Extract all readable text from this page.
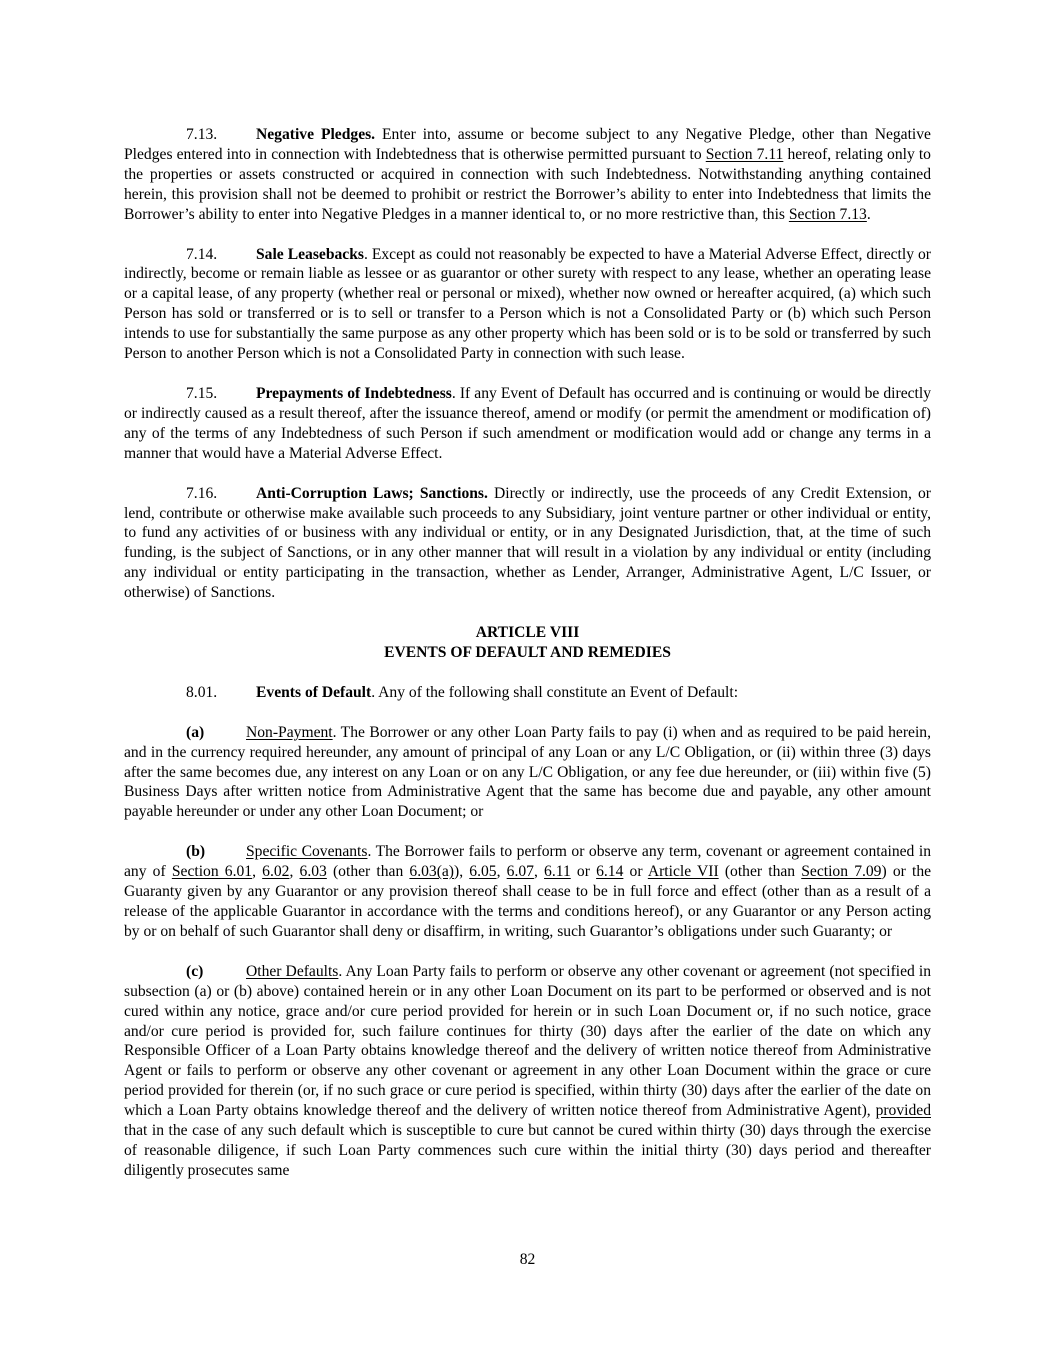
7.13. Negative Pledges. Enter into, assume or become subject to any Negative Pledge, other than Negative Pledges entered into in connection with Indebtedness that is otherwise permitted pursuant to Section 7.11 hereof, relating only to the properties or assets constructed or acquired in connection with such Indebtedness. Notwithstanding anything contained herein, this provision shall not be deemed to prohibit or restrict the Borrower’s ability to enter into Indebtedness that limits the Borrower’s ability to enter into Negative Pledges in a manner identical to, or no more restrictive than, this Section 7.13.

7.14. Sale Leasebacks. Except as could not reasonably be expected to have a Material Adverse Effect, directly or indirectly, become or remain liable as lessee or as guarantor or other surety with respect to any lease, whether an operating lease or a capital lease, of any property (whether real or personal or mixed), whether now owned or hereafter acquired, (a) which such Person has sold or transferred or is to sell or transfer to a Person which is not a Consolidated Party or (b) which such Person intends to use for substantially the same purpose as any other property which has been sold or is to be sold or transferred by such Person to another Person which is not a Consolidated Party in connection with such lease.

7.15. Prepayments of Indebtedness. If any Event of Default has occurred and is continuing or would be directly or indirectly caused as a result thereof, after the issuance thereof, amend or modify (or permit the amendment or modification of) any of the terms of any Indebtedness of such Person if such amendment or modification would add or change any terms in a manner that would have a Material Adverse Effect.

7.16. Anti-Corruption Laws; Sanctions. Directly or indirectly, use the proceeds of any Credit Extension, or lend, contribute or otherwise make available such proceeds to any Subsidiary, joint venture partner or other individual or entity, to fund any activities of or business with any individual or entity, or in any Designated Jurisdiction, that, at the time of such funding, is the subject of Sanctions, or in any other manner that will result in a violation by any individual or entity (including any individual or entity participating in the transaction, whether as Lender, Arranger, Administrative Agent, L/C Issuer, or otherwise) of Sanctions.

ARTICLE VIII

EVENTS OF DEFAULT AND REMEDIES

8.01. Events of Default. Any of the following shall constitute an Event of Default:

(a)	Non-Payment. The Borrower or any other Loan Party fails to pay (i) when and as required to be paid herein, and in the currency required hereunder, any amount of principal of any Loan or any L/C Obligation, or (ii) within three (3) days after the same becomes due, any interest on any Loan or on any L/C Obligation, or any fee due hereunder, or (iii) within five (5) Business Days after written notice from Administrative Agent that the same has become due and payable, any other amount payable hereunder or under any other Loan Document; or

(b)	Specific Covenants. The Borrower fails to perform or observe any term, covenant or agreement contained in any of Section 6.01, 6.02, 6.03 (other than 6.03(a)), 6.05, 6.07, 6.11 or 6.14 or Article VII (other than Section 7.09) or the Guaranty given by any Guarantor or any provision thereof shall cease to be in full force and effect (other than as a result of a release of the applicable Guarantor in accordance with the terms and conditions hereof), or any Guarantor or any Person acting by or on behalf of such Guarantor shall deny or disaffirm, in writing, such Guarantor’s obligations under such Guaranty; or

(c)	Other Defaults. Any Loan Party fails to perform or observe any other covenant or agreement (not specified in subsection (a) or (b) above) contained herein or in any other Loan Document on its part to be performed or observed and is not cured within any notice, grace and/or cure period provided for herein or in such Loan Document or, if no such notice, grace and/or cure period is provided for, such failure continues for thirty (30) days after the earlier of the date on which any Responsible Officer of a Loan Party obtains knowledge thereof and the delivery of written notice thereof from Administrative Agent or fails to perform or observe any other covenant or agreement in any other Loan Document within the grace or cure period provided for therein (or, if no such grace or cure period is specified, within thirty (30) days after the earlier of the date on which a Loan Party obtains knowledge thereof and the delivery of written notice thereof from Administrative Agent), provided that in the case of any such default which is susceptible to cure but cannot be cured within thirty (30) days through the exercise of reasonable diligence, if such Loan Party commences such cure within the initial thirty (30) days period and thereafter diligently prosecutes same

82
